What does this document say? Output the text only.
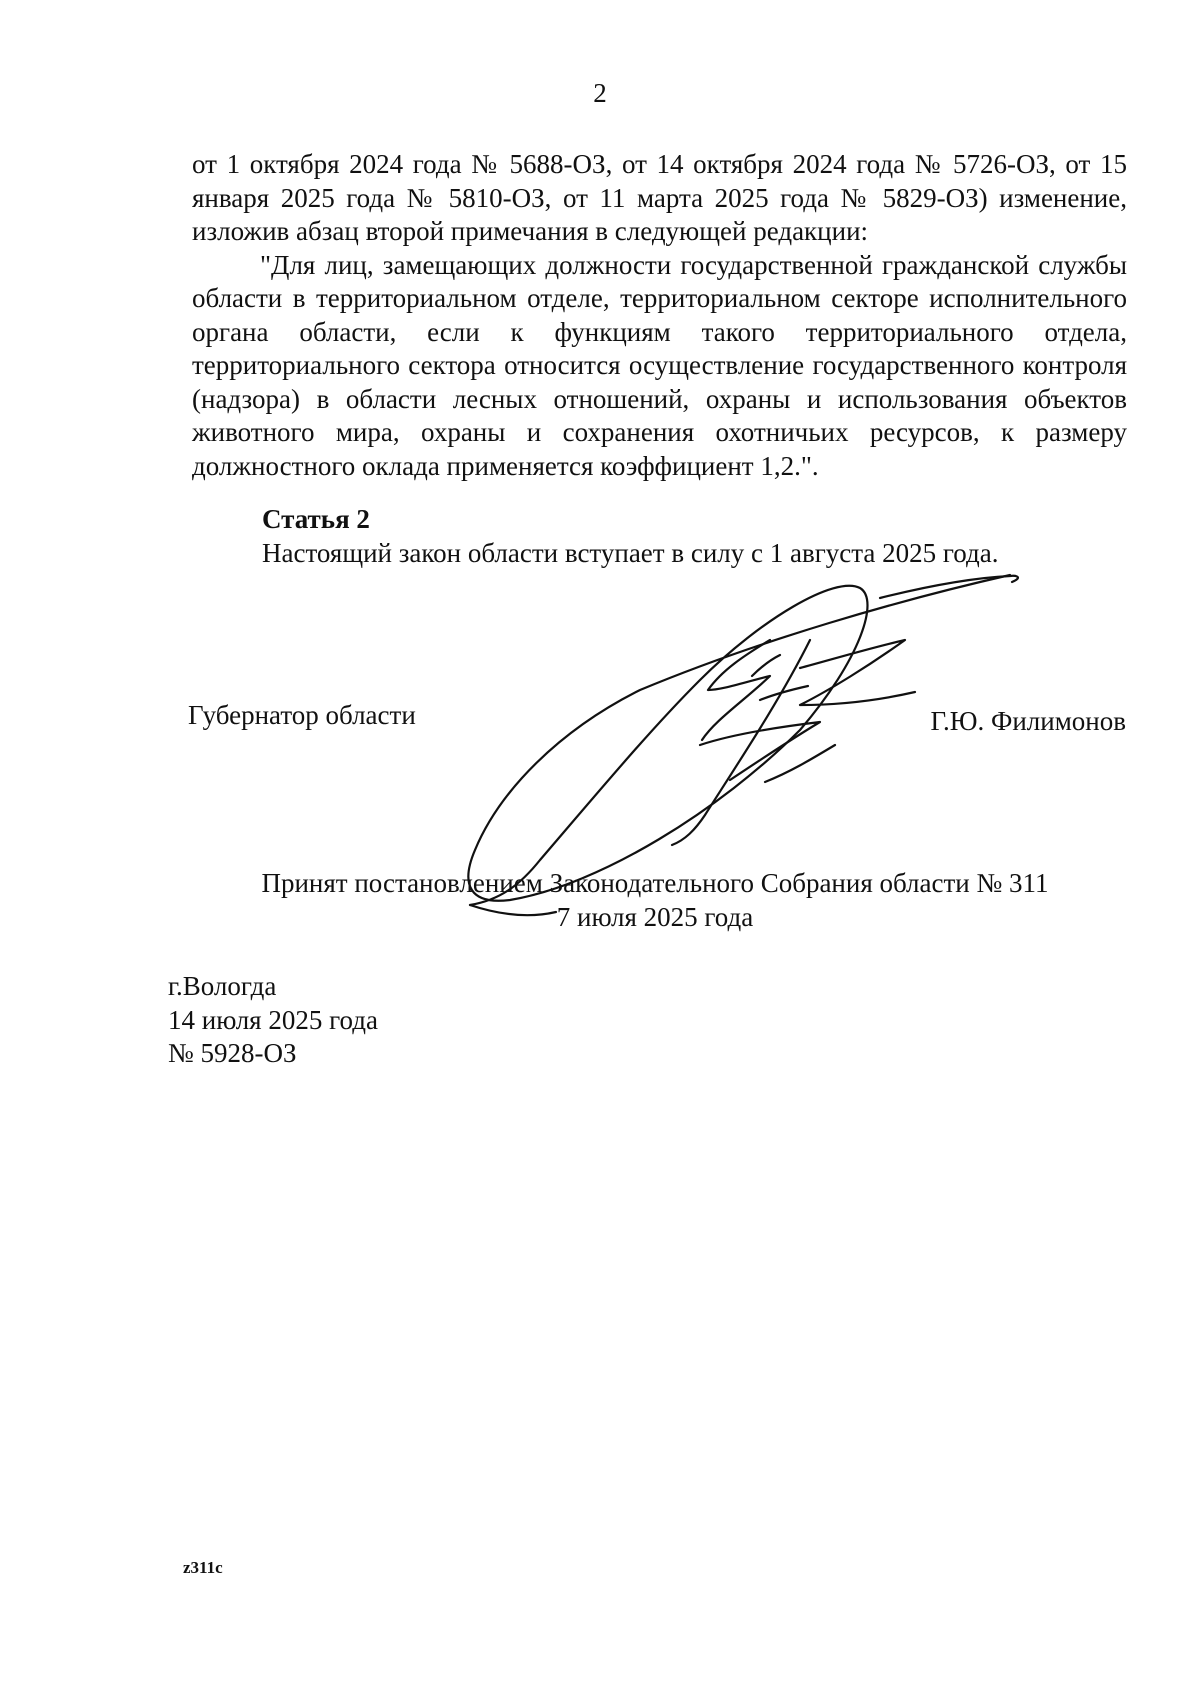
2

от 1 октября 2024 года № 5688-ОЗ, от 14 октября 2024 года № 5726-ОЗ, от 15 января 2025 года № 5810-ОЗ, от 11 марта 2025 года № 5829-ОЗ) изменение, изложив абзац второй примечания в следующей редакции:

"Для лиц, замещающих должности государственной гражданской службы области в территориальном отделе, территориальном секторе исполнительного органа области, если к функциям такого территориального отдела, территориального сектора относится осуществление государственного контроля (надзора) в области лесных отношений, охраны и использования объектов животного мира, охраны и сохранения охотничьих ресурсов, к размеру должностного оклада применяется коэффициент 1,2.".

Статья 2

Настоящий закон области вступает в силу с 1 августа 2025 года.

Губернатор области	Г.Ю. Филимонов
Принят постановлением Законодательного Собрания области № 311
7 июля 2025 года
г.Вологда
14 июля 2025 года
№ 5928-ОЗ
z311c
